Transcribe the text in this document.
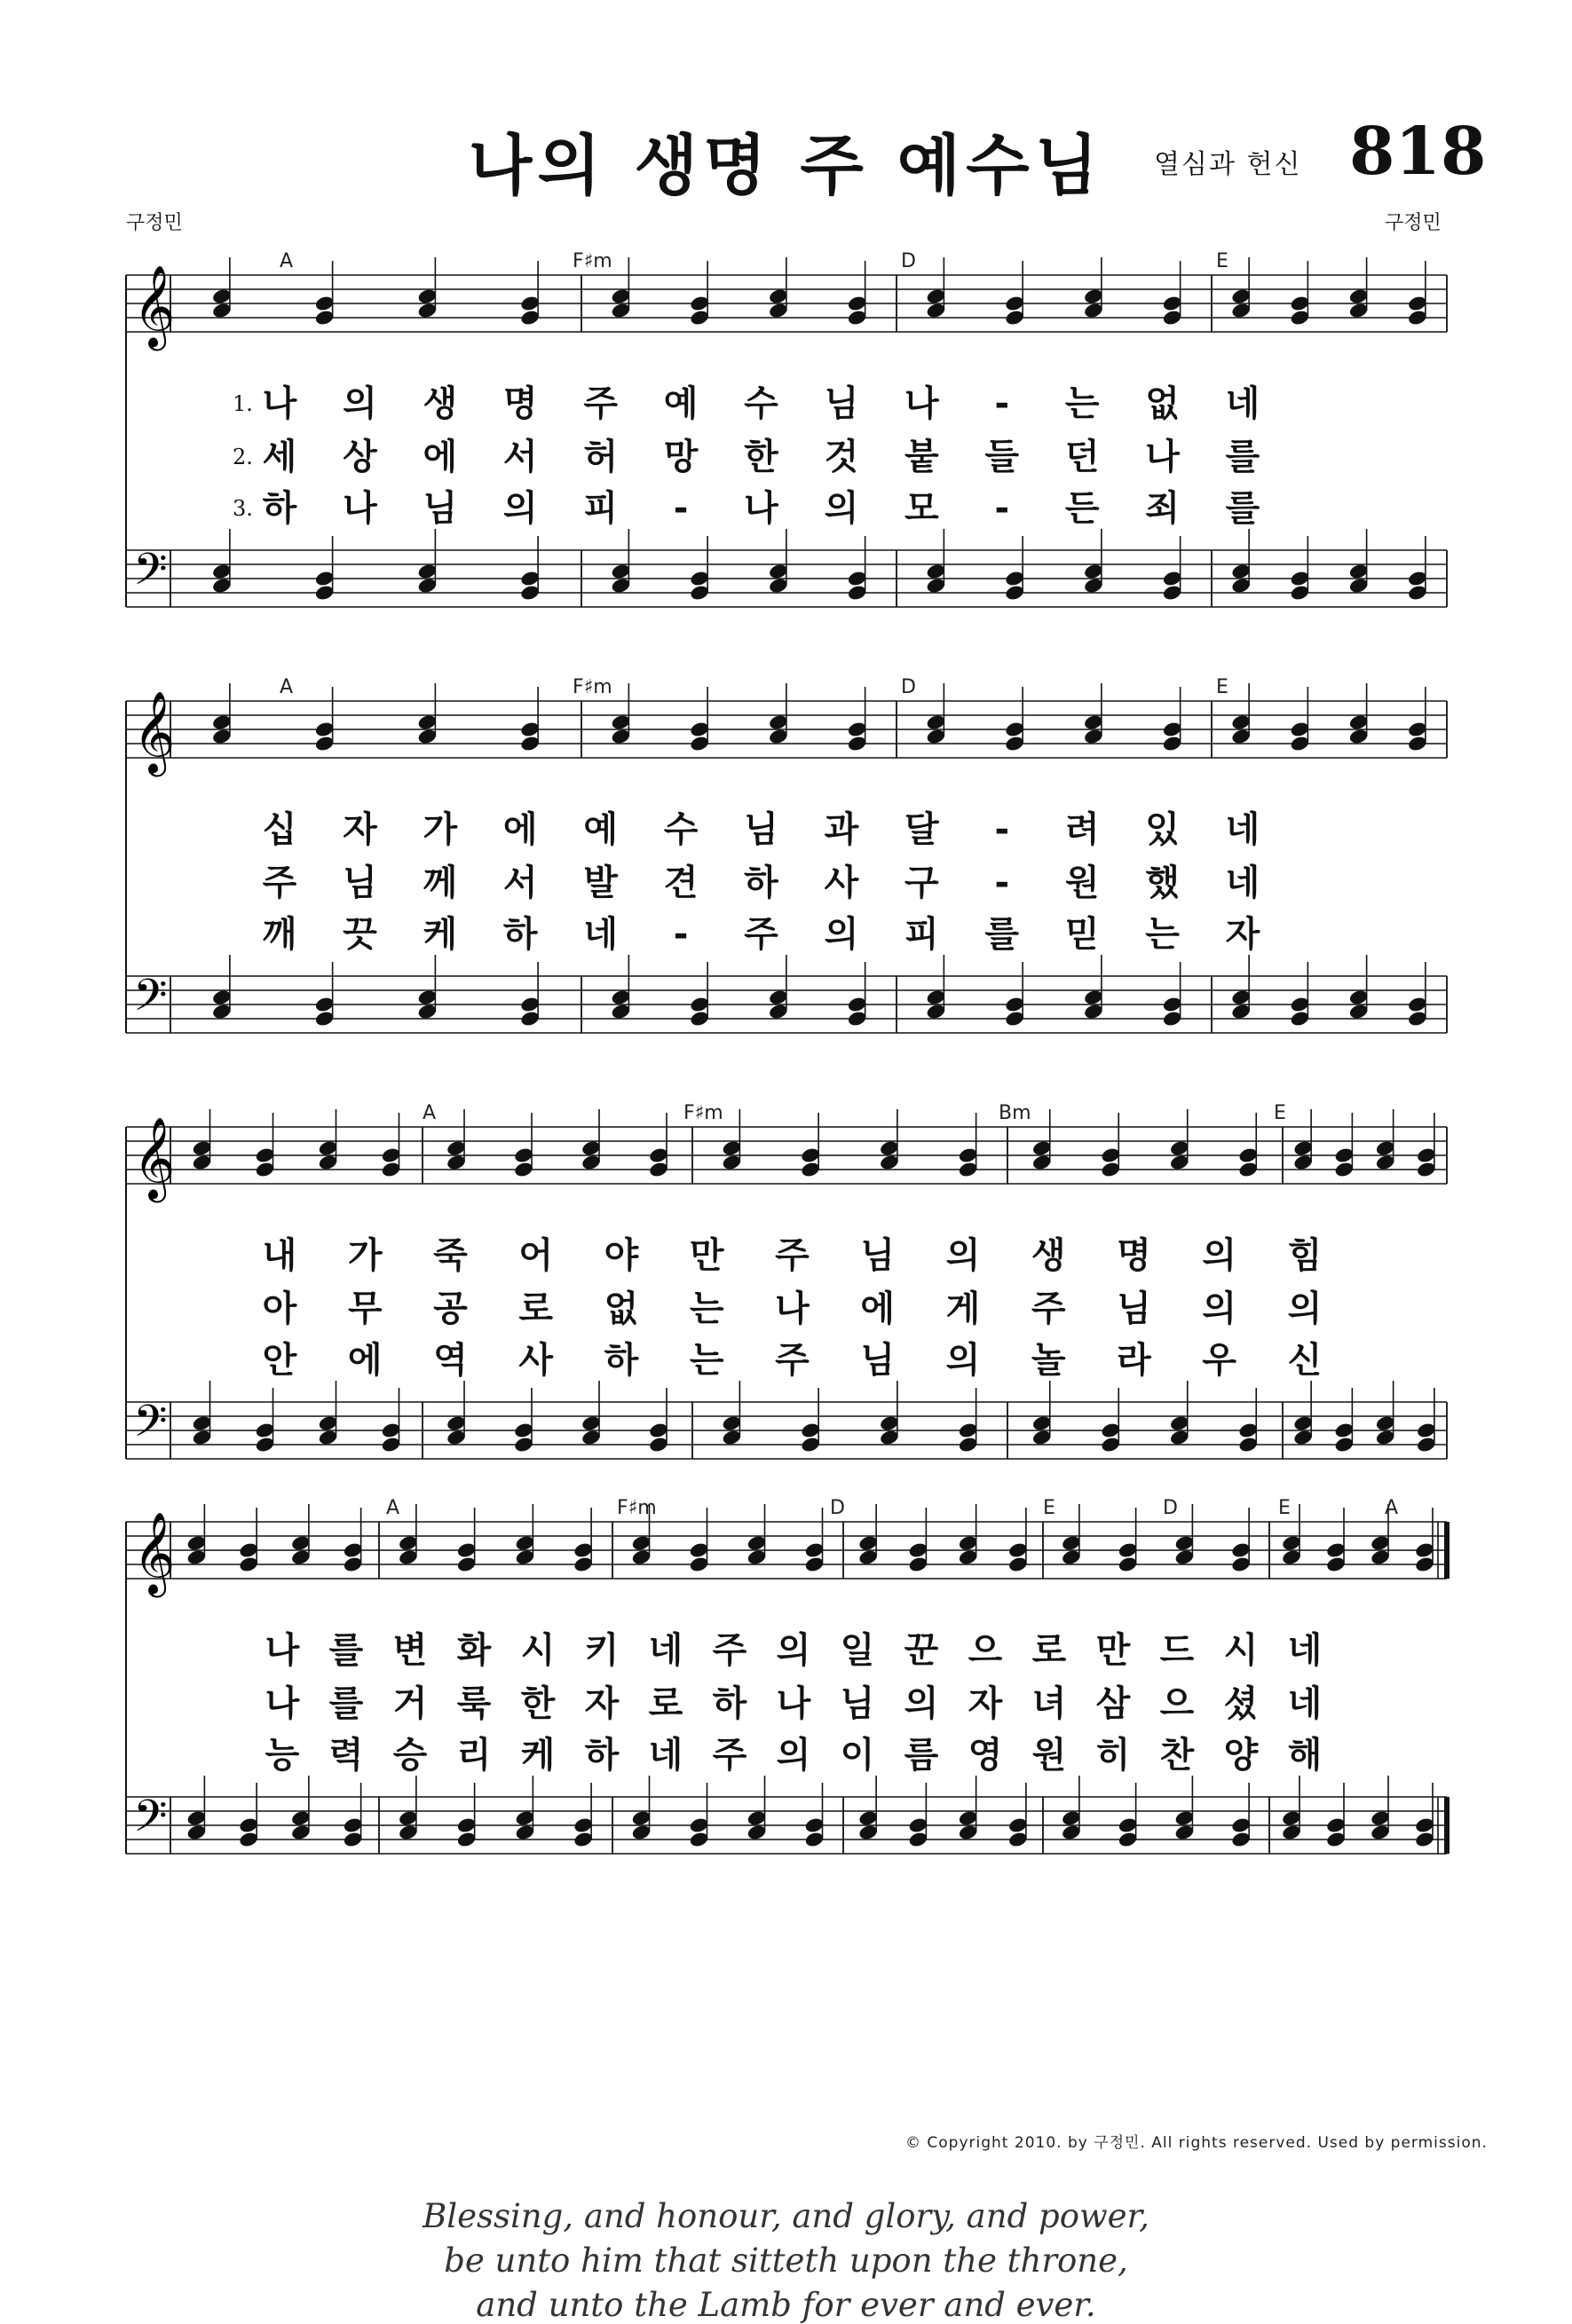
나의 생명 주 예수님	열심과 헌신 818
구정민	구정민
𝄞
𝄢
A	F♯m	D	E
1. 나 의 생 명 주 예 수 님 나 - 는 없 네
2. 세 상 에 서 허 망 한 것 붙 들 던 나 를
3. 하 나 님 의 피 - 나 의 모 - 든 죄 를
𝄞
𝄢
A	F♯m	D	E
십 자 가 에 예 수 님 과 달 - 려 있 네
주 님 께 서 발 견 하 사 구 - 원 했 네
깨 끗 케 하 네 - 주 의 피 를 믿 는 자
𝄞
𝄢
A	F♯m	Bm	E
내 가 죽 어 야 만 주 님 의 생 명 의 힘
아 무 공 로 없 는 나 에 게 주 님 의 의
안 에 역 사 하 는 주 님 의 놀 라 우 신
𝄞
𝄢
A	F♯m	D	E	D	E	A
나 를 변 화 시 키 네 주 의 일 꾼 으 로 만 드 시 네
나 를 거 룩 한 자 로 하 나 님 의 자 녀 삼 으 셨 네
능 력 승 리 케 하 네 주 의 이 름 영 원 히 찬 양 해
© Copyright 2010. by 구정민. All rights reserved. Used by permission.
Blessing, and honour, and glory, and power,
be unto him that sitteth upon the throne,
and unto the Lamb for ever and ever.
